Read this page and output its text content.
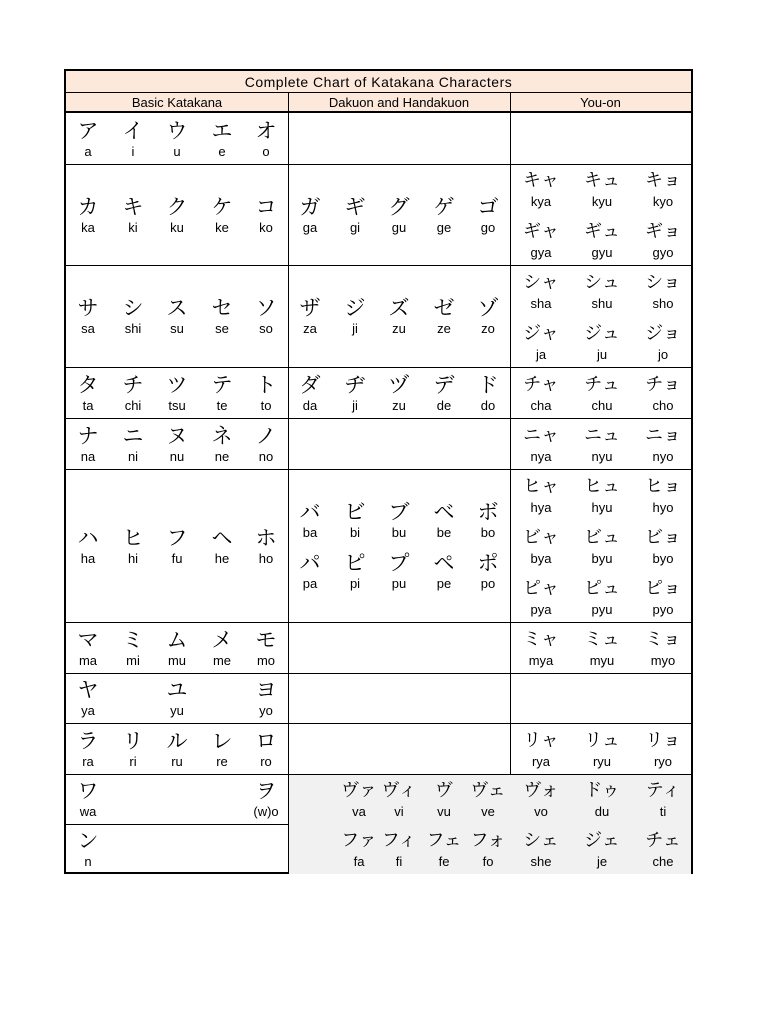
Complete Chart of Katakana Characters
Basic Katakana	Dakuon and Handakuon	You-on
ア
a
イ
i
ウ
u
エ
e
オ
o
カ
ka
キ
ki
ク
ku
ケ
ke
コ
ko
ガ
ga
ギ
gi
グ
gu
ゲ
ge
ゴ
go
キャ
kya
キュ
kyu
キョ
kyo
ギャ
gya
ギュ
gyu
ギョ
gyo
サ
sa
シ
shi
ス
su
セ
se
ソ
so
ザ
za
ジ
ji
ズ
zu
ゼ
ze
ゾ
zo
シャ
sha
シュ
shu
ショ
sho
ジャ
ja
ジュ
ju
ジョ
jo
タ
ta
チ
chi
ツ
tsu
テ
te
ト
to
ダ
da
ヂ
ji
ヅ
zu
デ
de
ド
do
チャ
cha
チュ
chu
チョ
cho
ナ
na
ニ
ni
ヌ
nu
ネ
ne
ノ
no
ニャ
nya
ニュ
nyu
ニョ
nyo
ハ
ha
ヒ
hi
フ
fu
ヘ
he
ホ
ho
バ
ba
ビ
bi
ブ
bu
ベ
be
ボ
bo
パ
pa
ピ
pi
プ
pu
ペ
pe
ポ
po
ヒャ
hya
ヒュ
hyu
ヒョ
hyo
ビャ
bya
ビュ
byu
ビョ
byo
ピャ
pya
ピュ
pyu
ピョ
pyo
マ
ma
ミ
mi
ム
mu
メ
me
モ
mo
ミャ
mya
ミュ
myu
ミョ
myo
ヤ
ya
ユ
yu
ヨ
yo
ラ
ra
リ
ri
ル
ru
レ
re
ロ
ro
リャ
rya
リュ
ryu
リョ
ryo
ワ
wa
ヲ
(w)o
ン
n
ヴァ
va
ヴィ
vi
ヴ
vu
ヴェ
ve
ヴォ
vo
ドゥ
du
ティ
ti
ファ
fa
フィ
fi
フェ
fe
フォ
fo
シェ
she
ジェ
je
チェ
che
